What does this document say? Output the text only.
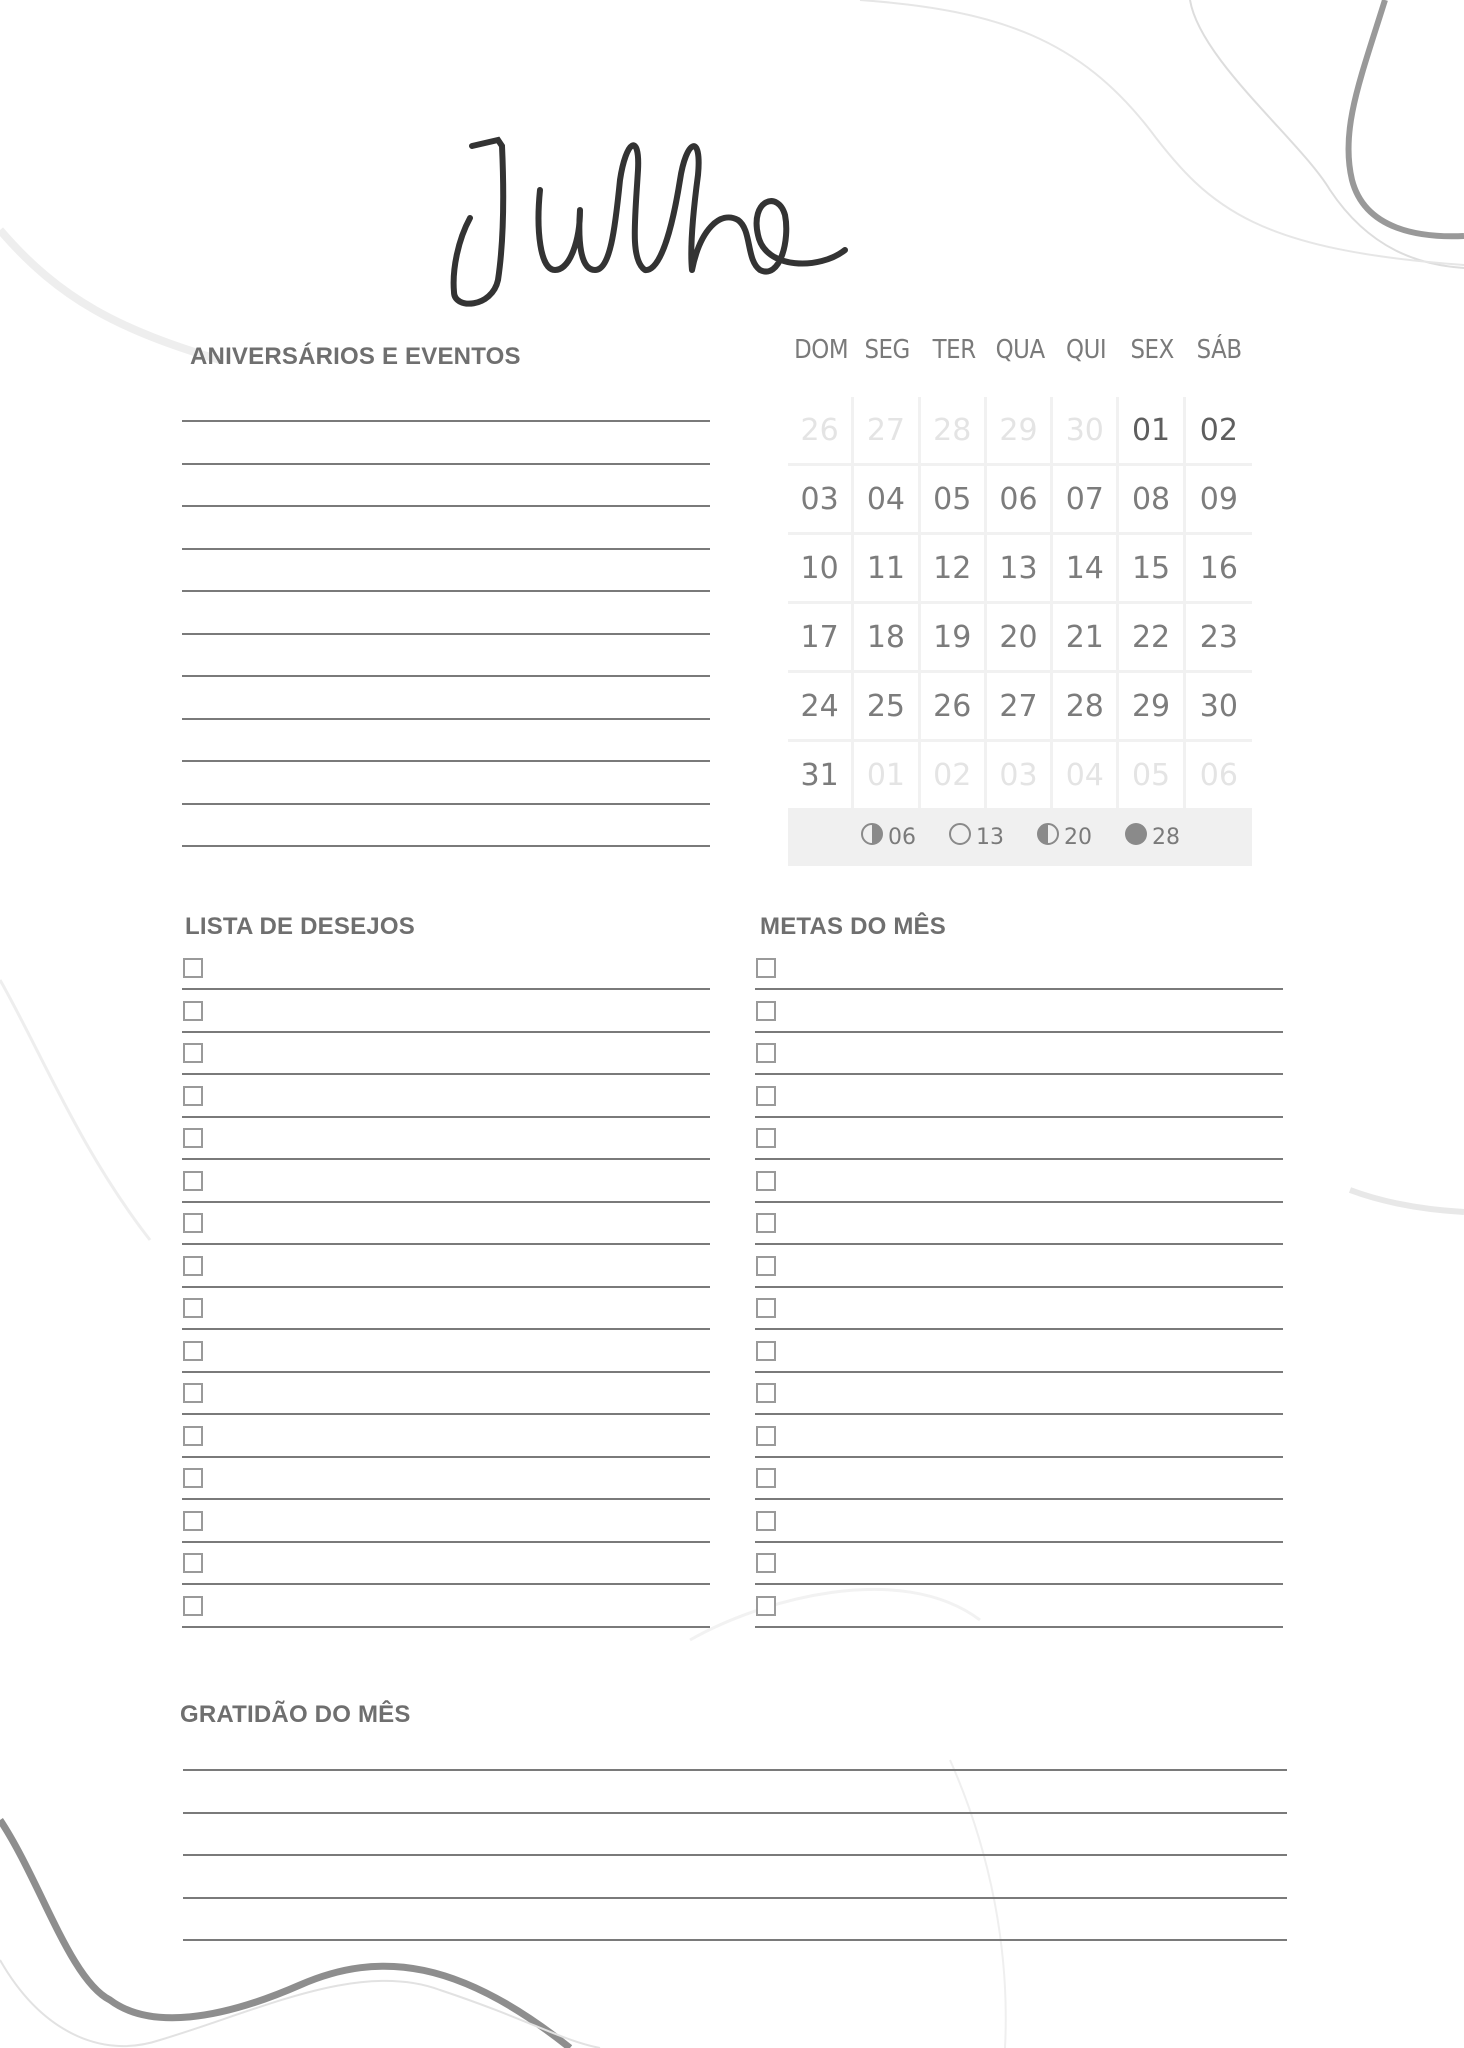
ANIVERSÁRIOS E EVENTOS	DOM SEG TER QUA QUI SEX SÁB
26 27 28 29 30 01 02
03 04 05 06 07 08 09
10 11 12 13 14 15 16
17 18 19 20 21 22 23
24 25 26 27 28 29 30
31 01 02 03 04 05 06
06	13	20	28
LISTA DE DESEJOS	METAS DO MÊS
GRATIDÃO DO MÊS
